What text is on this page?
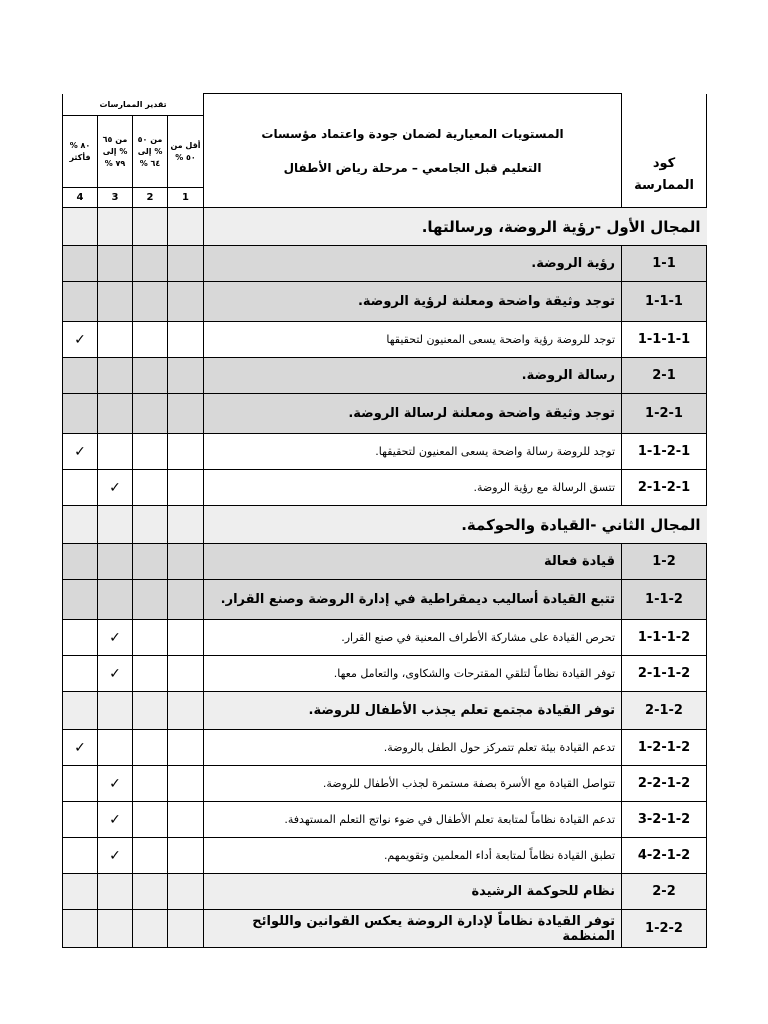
كود الممارسة	المستويات المعيارية لضمان جودة واعتماد مؤسسات
التعليم قبل الجامعي – مرحلة رياض الأطفال	تقدير الممارسات			

		أقل من ٥٠ %	من ٥٠ % إلى ٦٤ %	من ٦٥ % إلى ٧٩ %	٨٠ % فأكثر

		1	2	3	4

المجال الأول -رؤية الروضة، ورسالتها.					
1-1	رؤية الروضة.				
1-1-1	توجد وثيقة واضحة ومعلنة لرؤية الروضة.				
1-1-1-1	توجد للروضة رؤية واضحة يسعى المعنيون لتحقيقها				✓
2-1	رسالة الروضة.				
1-2-1	توجد وثيقة واضحة ومعلنة لرسالة الروضة.				
1-1-2-1	توجد للروضة رسالة واضحة يسعى المعنيون لتحقيقها.				✓
2-1-2-1	تتسق الرسالة مع رؤية الروضة.			✓	
المجال الثاني -القيادة والحوكمة.					
1-2	قيادة فعالة				
1-1-2	تتبع القيادة أساليب ديمقراطية في إدارة الروضة وصنع القرار.				
1-1-1-2	تحرص القيادة على مشاركة الأطراف المعنية في صنع القرار.			✓	
2-1-1-2	توفر القيادة نظاماً لتلقي المقترحات والشكاوى، والتعامل معها.			✓	
2-1-2	توفر القيادة مجتمع تعلم يجذب الأطفال للروضة.				
1-2-1-2	تدعم القيادة بيئة تعلم تتمركز حول الطفل بالروضة.				✓
2-2-1-2	تتواصل القيادة مع الأسرة بصفة مستمرة لجذب الأطفال للروضة.			✓	
3-2-1-2	تدعم القيادة نظاماً لمتابعة تعلم الأطفال في ضوء نواتج التعلم المستهدفة.			✓	
4-2-1-2	تطبق القيادة نظاماً لمتابعة أداء المعلمين وتقويمهم.			✓	
2-2	نظام للحوكمة الرشيدة				
1-2-2	توفر القيادة نظاماً لإدارة الروضة يعكس القوانين واللوائح المنظمة				
